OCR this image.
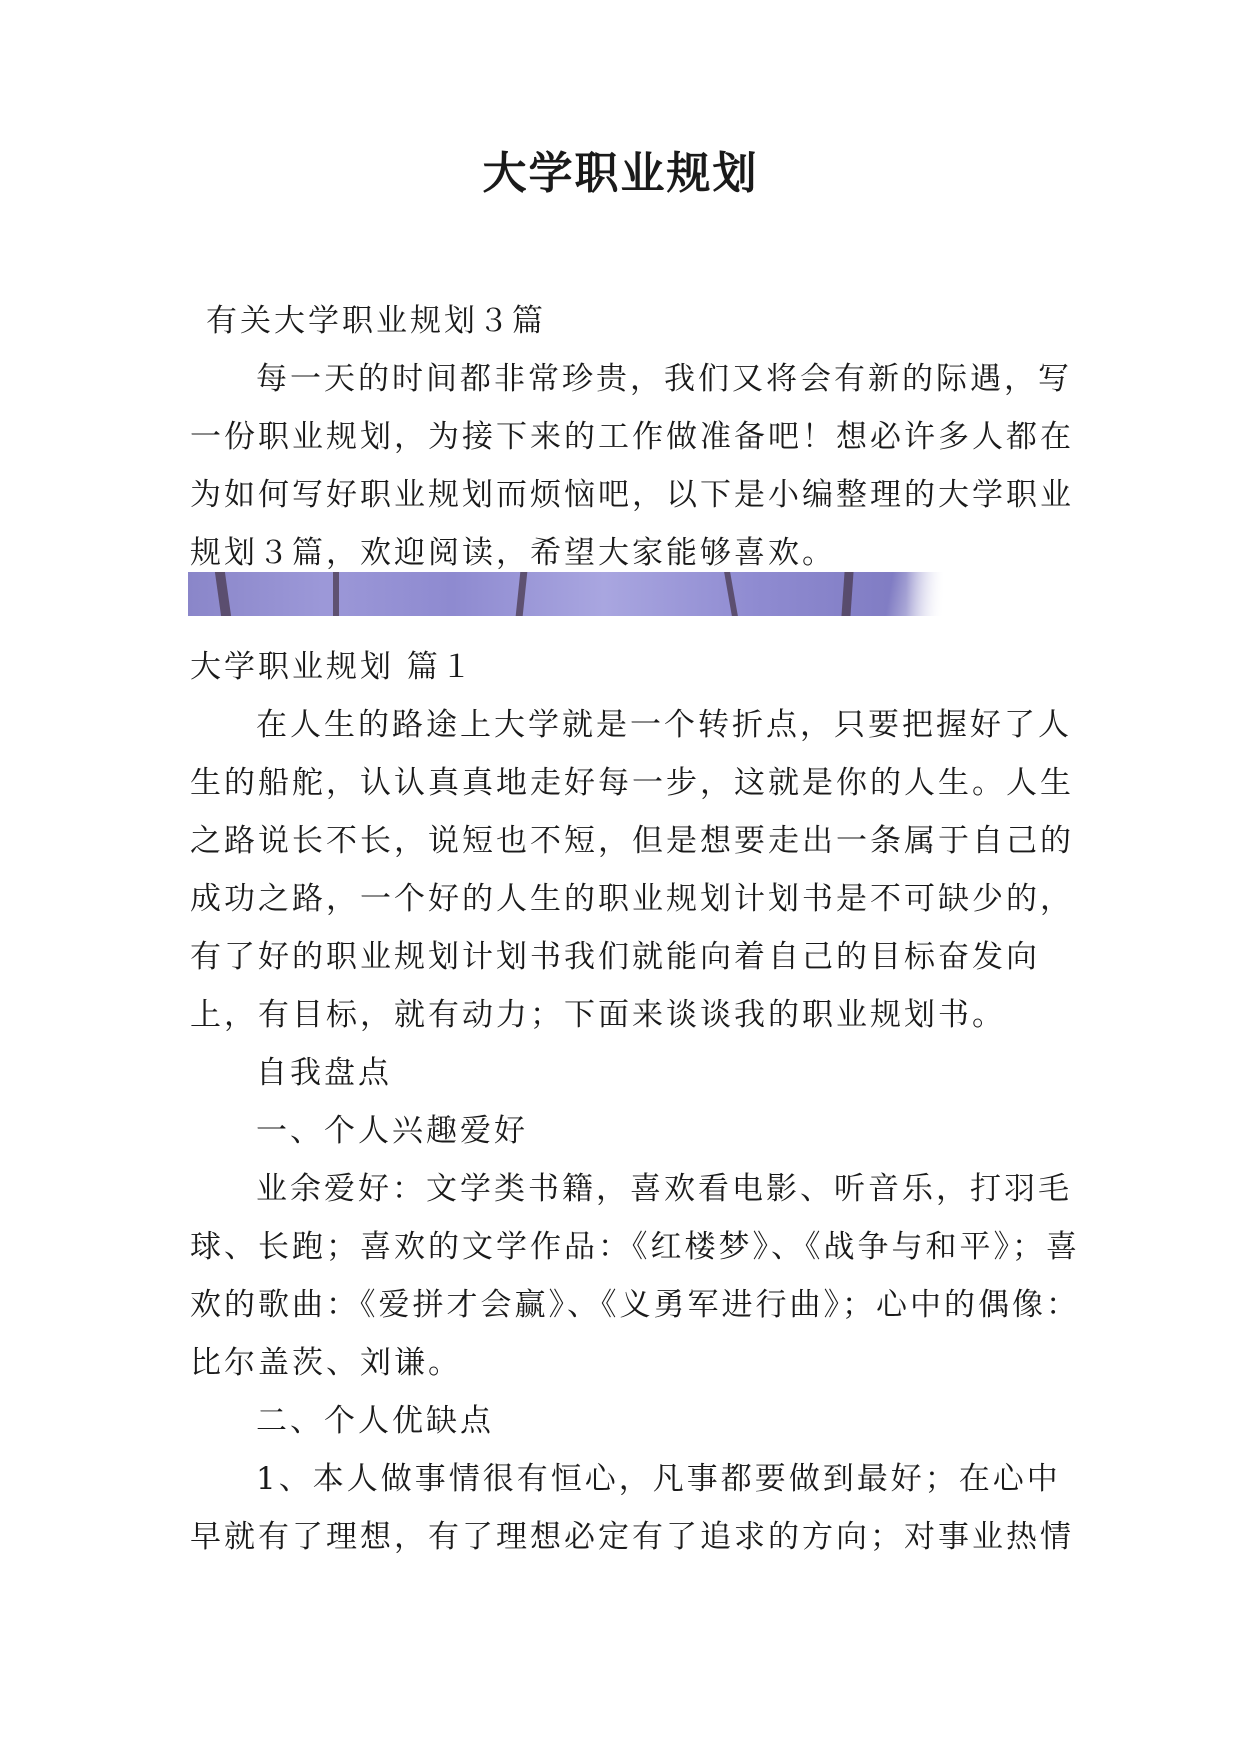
大学职业规划
有关大学职业规划３篇
每一天的时间都非常珍贵，我们又将会有新的际遇，写
一份职业规划，为接下来的工作做准备吧！想必许多人都在
为如何写好职业规划而烦恼吧，以下是小编整理的大学职业
规划３篇，欢迎阅读，希望大家能够喜欢。
大学职业规划 篇１
在人生的路途上大学就是一个转折点，只要把握好了人
生的船舵，认认真真地走好每一步，这就是你的人生。人生
之路说长不长，说短也不短，但是想要走出一条属于自己的
成功之路，一个好的人生的职业规划计划书是不可缺少的，
有了好的职业规划计划书我们就能向着自己的目标奋发向
上，有目标，就有动力；下面来谈谈我的职业规划书。
自我盘点
一、个人兴趣爱好
业余爱好：文学类书籍，喜欢看电影、听音乐，打羽毛
球、长跑；喜欢的文学作品：《红楼梦》、《战争与和平》；喜
欢的歌曲：《爱拼才会赢》、《义勇军进行曲》；心中的偶像：
比尔盖茨、刘谦。
二、个人优缺点
1、本人做事情很有恒心，凡事都要做到最好；在心中
早就有了理想，有了理想必定有了追求的方向；对事业热情
